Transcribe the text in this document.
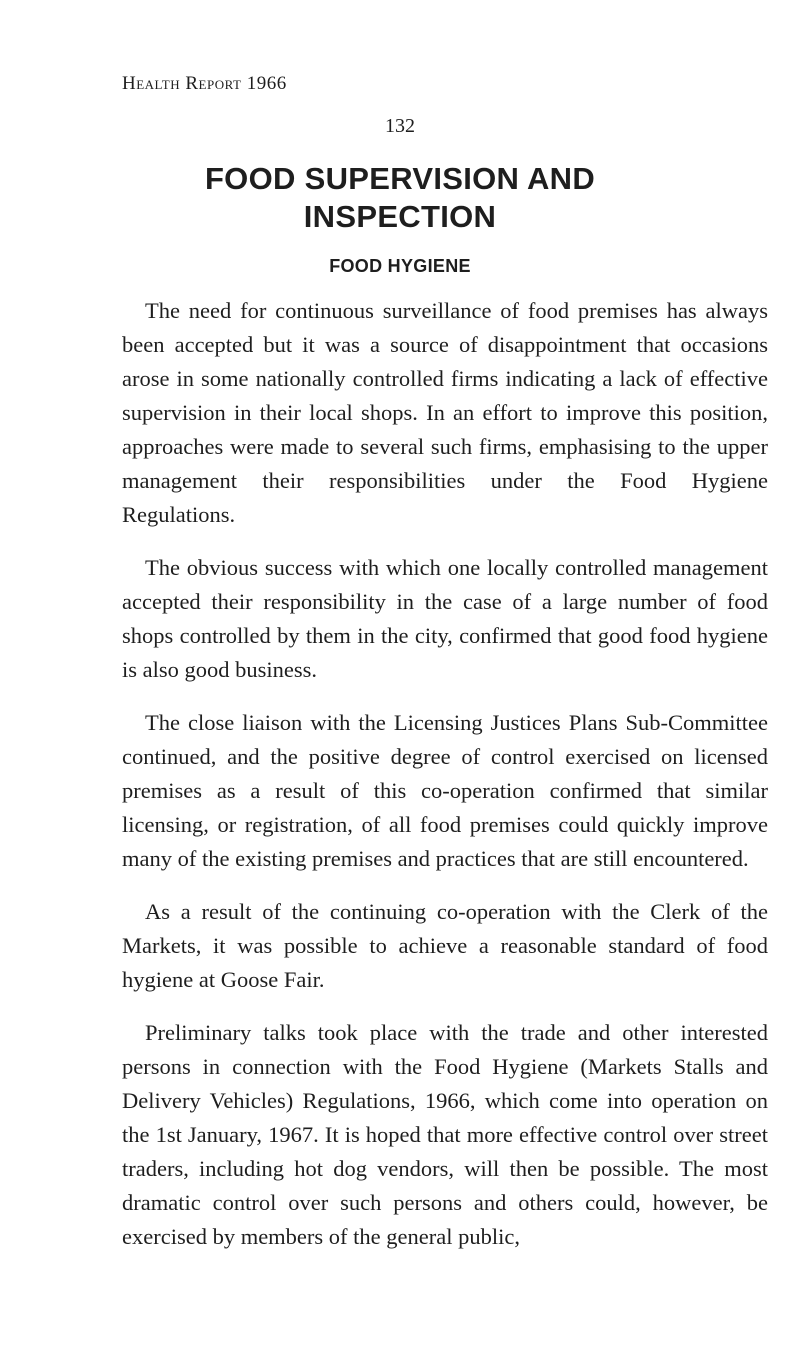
Health Report 1966
132
FOOD SUPERVISION AND
INSPECTION
FOOD HYGIENE

The need for continuous surveillance of food premises has always been accepted but it was a source of disappointment that occasions arose in some nationally controlled firms indicating a lack of effective supervision in their local shops. In an effort to improve this position, approaches were made to several such firms, emphasising to the upper management their responsibilities under the Food Hygiene Regulations.

The obvious success with which one locally controlled management accepted their responsibility in the case of a large number of food shops controlled by them in the city, confirmed that good food hygiene is also good business.

The close liaison with the Licensing Justices Plans Sub-Committee continued, and the positive degree of control exercised on licensed premises as a result of this co-operation confirmed that similar licensing, or registration, of all food premises could quickly improve many of the existing premises and practices that are still encountered.

As a result of the continuing co-operation with the Clerk of the Markets, it was possible to achieve a reasonable standard of food hygiene at Goose Fair.

Preliminary talks took place with the trade and other interested persons in connection with the Food Hygiene (Markets Stalls and Delivery Vehicles) Regulations, 1966, which come into operation on the 1st January, 1967. It is hoped that more effective control over street traders, including hot dog vendors, will then be possible. The most dramatic control over such persons and others could, however, be exercised by members of the general public,
